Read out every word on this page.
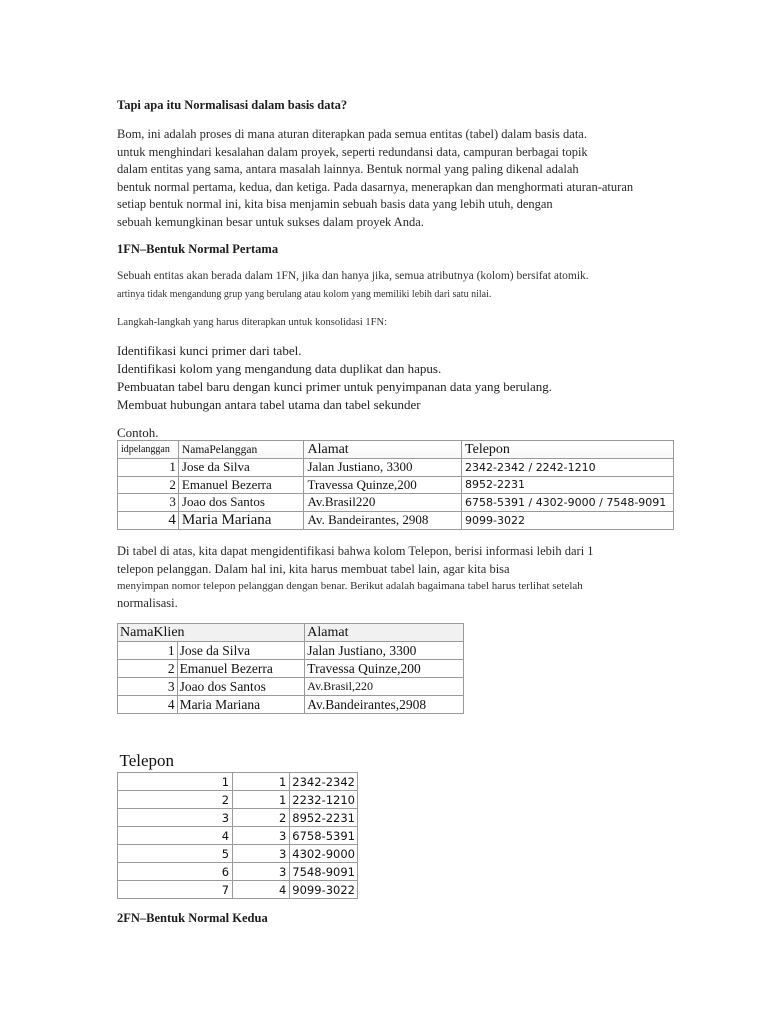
Tapi apa itu Normalisasi dalam basis data?
Bom, ini adalah proses di mana aturan diterapkan pada semua entitas (tabel) dalam basis data.
untuk menghindari kesalahan dalam proyek, seperti redundansi data, campuran berbagai topik
dalam entitas yang sama, antara masalah lainnya. Bentuk normal yang paling dikenal adalah
bentuk normal pertama, kedua, dan ketiga. Pada dasarnya, menerapkan dan menghormati aturan-aturan
setiap bentuk normal ini, kita bisa menjamin sebuah basis data yang lebih utuh, dengan
sebuah kemungkinan besar untuk sukses dalam proyek Anda.
1FN–Bentuk Normal Pertama
Sebuah entitas akan berada dalam 1FN, jika dan hanya jika, semua atributnya (kolom) bersifat atomik.
artinya tidak mengandung grup yang berulang atau kolom yang memiliki lebih dari satu nilai.
Langkah-langkah yang harus diterapkan untuk konsolidasi 1FN:
Identifikasi kunci primer dari tabel.
Identifikasi kolom yang mengandung data duplikat dan hapus.
Pembuatan tabel baru dengan kunci primer untuk penyimpanan data yang berulang.
Membuat hubungan antara tabel utama dan tabel sekunder
Contoh.
idpelanggan	NamaPelanggan	Alamat	Telepon
1	Jose da Silva	Jalan Justiano, 3300	2342-2342 / 2242-1210
2	Emanuel Bezerra	Travessa Quinze,200	8952-2231
3	Joao dos Santos	Av.Brasil220	6758-5391 / 4302-9000 / 7548-9091
4	Maria Mariana	Av. Bandeirantes, 2908	9099-3022
Di tabel di atas, kita dapat mengidentifikasi bahwa kolom Telepon, berisi informasi lebih dari 1
telepon pelanggan. Dalam hal ini, kita harus membuat tabel lain, agar kita bisa
menyimpan nomor telepon pelanggan dengan benar. Berikut adalah bagaimana tabel harus terlihat setelah
normalisasi.
NamaKlien		Alamat
1	Jose da Silva	Jalan Justiano, 3300
2	Emanuel Bezerra	Travessa Quinze,200
3	Joao dos Santos	Av.Brasil,220
4	Maria Mariana	Av.Bandeirantes,2908
Telepon		
1	1	2342-2342
2	1	2232-1210
3	2	8952-2231
4	3	6758-5391
5	3	4302-9000
6	3	7548-9091
7	4	9099-3022
2FN–Bentuk Normal Kedua
